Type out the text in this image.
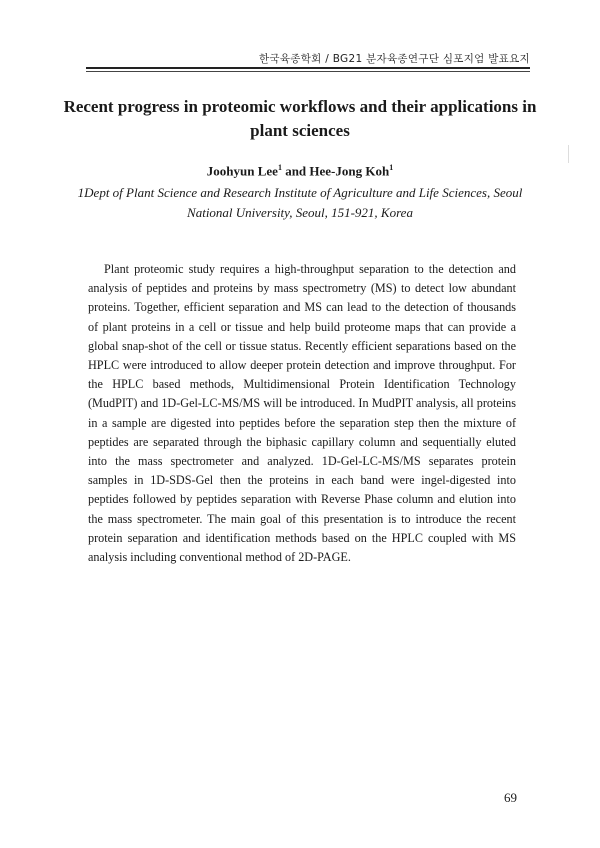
한국육종학회 / BG21 분자육종연구단 심포지엄 발표요지
Recent progress in proteomic workflows and their applications in plant sciences
Joohyun Lee$^1$ and Hee-Jong Koh$^1$
1Dept of Plant Science and Research Institute of Agriculture and Life Sciences, Seoul
National University, Seoul, 151-921, Korea

Plant proteomic study requires a high-throughput separation to the detection and analysis of peptides and proteins by mass spectrometry (MS) to detect low abundant proteins. Together, efficient separation and MS can lead to the detection of thousands of plant proteins in a cell or tissue and help build proteome maps that can provide a global snap-shot of the cell or tissue status. Recently efficient separations based on the HPLC were introduced to allow deeper protein detection and improve throughput. For the HPLC based methods, Multidimensional Protein Identification Technology (MudPIT) and 1D-Gel-LC-MS/MS will be introduced. In MudPIT analysis, all proteins in a sample are digested into peptides before the separation step then the mixture of peptides are separated through the biphasic capillary column and sequentially eluted into the mass spectrometer and analyzed. 1D-Gel-LC-MS/MS separates protein samples in 1D-SDS-Gel then the proteins in each band were ingel-digested into peptides followed by peptides separation with Reverse Phase column and elution into the mass spectrometer. The main goal of this presentation is to introduce the recent protein separation and identification methods based on the HPLC coupled with MS analysis including conventional method of 2D-PAGE.

69
